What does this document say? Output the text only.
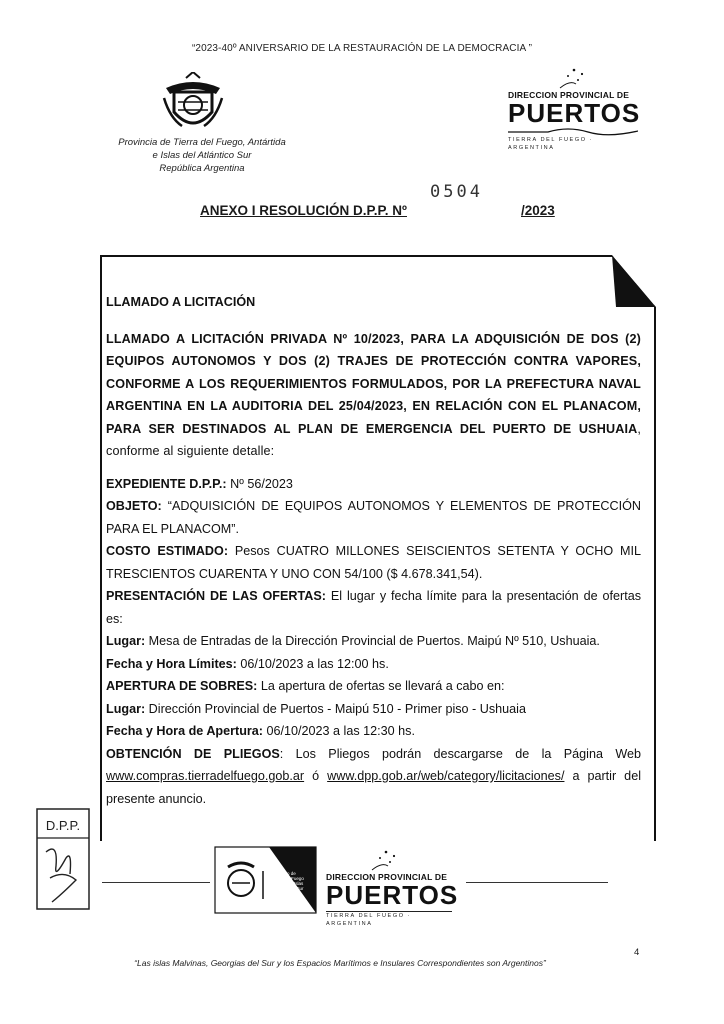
“2023-40º ANIVERSARIO DE LA RESTAURACIÓN DE LA DEMOCRACIA ”
Provincia de Tierra del Fuego, Antártida
e Islas del Atlántico Sur
República Argentina
DIRECCION PROVINCIAL DE
PUERTOS
TIERRA DEL FUEGO · ARGENTINA
0504
ANEXO I RESOLUCIÓN D.P.P. Nº	/2023

LLAMADO A LICITACIÓN

LLAMADO A LICITACIÓN PRIVADA Nº 10/2023, PARA LA ADQUISICIÓN DE DOS (2) EQUIPOS AUTONOMOS Y DOS (2) TRAJES DE PROTECCIÓN CONTRA VAPORES, CONFORME A LOS REQUERIMIENTOS FORMULADOS, POR LA PREFECTURA NAVAL ARGENTINA EN LA AUDITORIA DEL 25/04/2023, EN RELACIÓN CON EL PLANACOM, PARA SER DESTINADOS AL PLAN DE EMERGENCIA DEL PUERTO DE USHUAIA, conforme al siguiente detalle:

EXPEDIENTE D.P.P.: Nº 56/2023

OBJETO: “ADQUISICIÓN DE EQUIPOS AUTONOMOS Y ELEMENTOS DE PROTECCIÓN PARA EL PLANACOM”.

COSTO ESTIMADO: Pesos CUATRO MILLONES SEISCIENTOS SETENTA Y OCHO MIL TRESCIENTOS CUARENTA Y UNO CON 54/100 ($ 4.678.341,54).

PRESENTACIÓN DE LAS OFERTAS: El lugar y fecha límite para la presentación de ofertas es:

Lugar: Mesa de Entradas de la Dirección Provincial de Puertos. Maipú Nº 510, Ushuaia.

Fecha y Hora Límites: 06/10/2023 a las 12:00 hs.

APERTURA DE SOBRES: La apertura de ofertas se llevará a cabo en:

Lugar: Dirección Provincial de Puertos - Maipú 510 - Primer piso - Ushuaia

Fecha y Hora de Apertura: 06/10/2023 a las 12:30 hs.

OBTENCIÓN DE PLIEGOS: Los Pliegos podrán descargarse de la Página Web www.compras.tierradelfuego.gob.ar ó www.dpp.gob.ar/web/category/licitaciones/ a partir del presente anuncio.

D.P.P.
Gobierno de Tierra del Fuego Antártida e Islas del Atlántico Sur
DIRECCION PROVINCIAL DE
PUERTOS
TIERRA DEL FUEGO · ARGENTINA
4
“Las islas Malvinas, Georgias del Sur y los Espacios Marítimos e Insulares Correspondientes son Argentinos”
